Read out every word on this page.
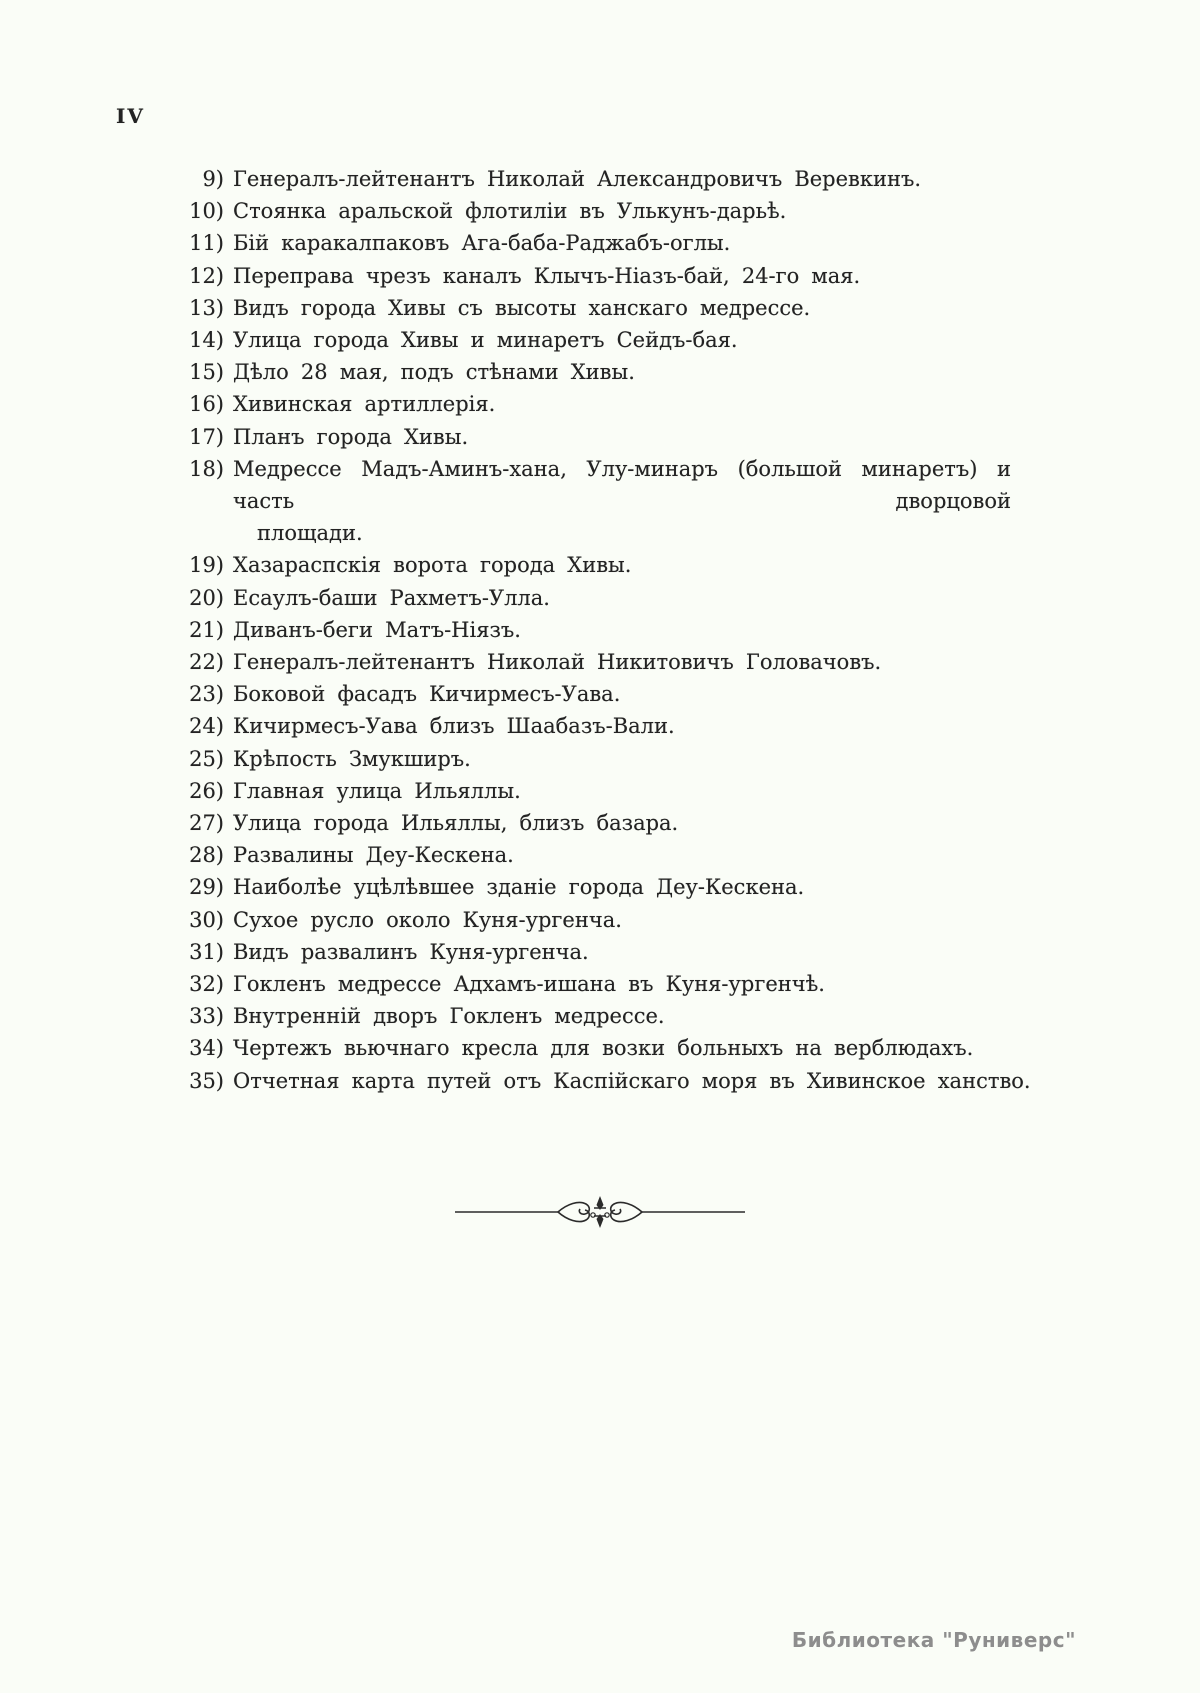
IV
9) Генералъ-лейтенантъ Николай Александровичъ Веревкинъ.
10) Стоянка аральской флотиліи въ Улькунъ-дарьѣ.
11) Бій каракалпаковъ Ага-баба-Раджабъ-оглы.
12) Переправа чрезъ каналъ Клычъ-Ніазъ-бай, 24-го мая.
13) Видъ города Хивы съ высоты ханскаго медрессе.
14) Улица города Хивы и минаретъ Сейдъ-бая.
15) Дѣло 28 мая, подъ стѣнами Хивы.
16) Хивинская артиллерія.
17) Планъ города Хивы.
18) Медрессе Мадъ-Аминъ-хана, Улу-минаръ (большой минаретъ) и часть дворцовой
площади.
19) Хазараспскія ворота города Хивы.
20) Есаулъ-баши Рахметъ-Улла.
21) Диванъ-беги Матъ-Ніязъ.
22) Генералъ-лейтенантъ Николай Никитовичъ Головачовъ.
23) Боковой фасадъ Кичирмесъ-Уава.
24) Кичирмесъ-Уава близъ Шаабазъ-Вали.
25) Крѣпость Змукширъ.
26) Главная улица Ильяллы.
27) Улица города Ильяллы, близъ базара.
28) Развалины Деу-Кескена.
29) Наиболѣе уцѣлѣвшее зданіе города Деу-Кескена.
30) Сухое русло около Куня-ургенча.
31) Видъ развалинъ Куня-ургенча.
32) Гокленъ медрессе Адхамъ-ишана въ Куня-ургенчѣ.
33) Внутренній дворъ Гокленъ медрессе.
34) Чертежъ вьючнаго кресла для возки больныхъ на верблюдахъ.
35) Отчетная карта путей отъ Каспійскаго моря въ Хивинское ханство.
Библиотека "Руниверс"
